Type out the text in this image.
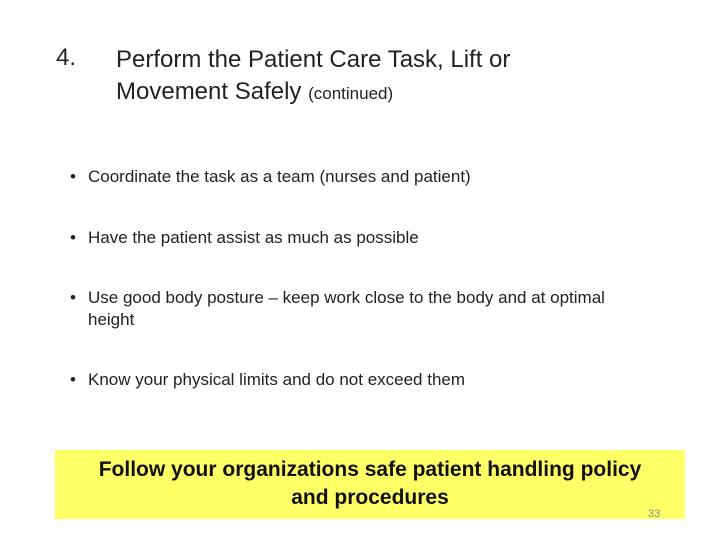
4. Perform the Patient Care Task, Lift or
Movement Safely (continued)
• Coordinate the task as a team (nurses and patient)
• Have the patient assist as much as possible
• Use good body posture – keep work close to the body and at optimal height
• Know your physical limits and do not exceed them
Follow your organizations safe patient handling policy
and procedures
33
